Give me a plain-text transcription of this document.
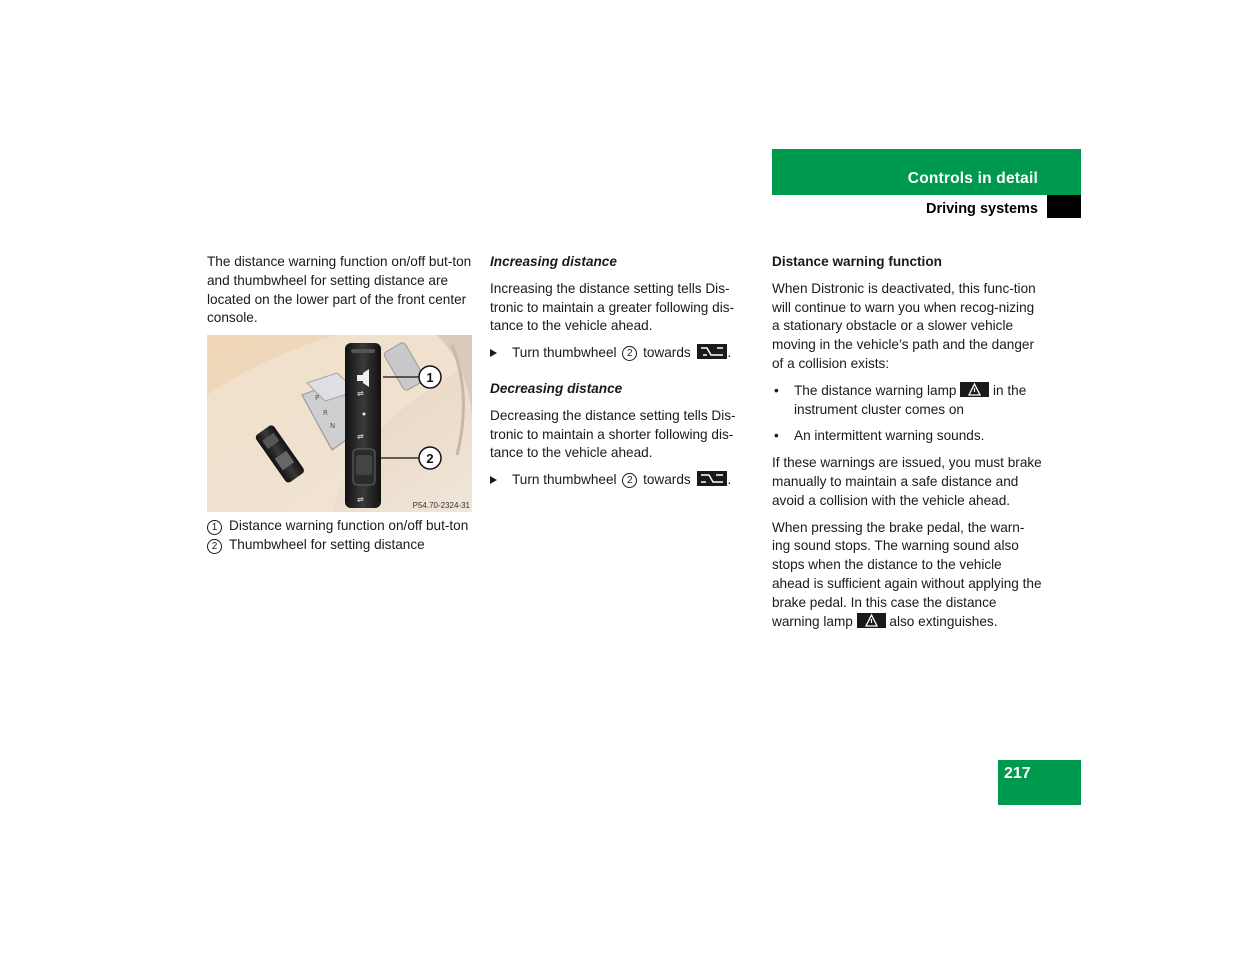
Controls in detail
Driving systems

The distance warning function on/off but-ton and thumbwheel for setting distance are located on the lower part of the front center console.

P
R
N
⇌
⇌
⇌
1
2
P54.70-2324-31
1 Distance warning function on/off but-ton
2 Thumbwheel for setting distance

Increasing distance

Increasing the distance setting tells Dis-tronic to maintain a greater following dis-tance to the vehicle ahead.

Turn thumbwheel 2 towards	.

Decreasing distance

Decreasing the distance setting tells Dis-tronic to maintain a shorter following dis-tance to the vehicle ahead.

Turn thumbwheel 2 towards	.

Distance warning function

When Distronic is deactivated, this func-tion will continue to warn you when recog-nizing a stationary obstacle or a slower vehicle moving in the vehicle’s path and the danger of a collision exists:

• The distance warning lamp	in the instrument cluster comes on
• An intermittent warning sounds.

If these warnings are issued, you must brake manually to maintain a safe distance and avoid a collision with the vehicle ahead.

When pressing the brake pedal, the warn-ing sound stops. The warning sound also stops when the distance to the vehicle ahead is sufficient again without applying the brake pedal. In this case the distance warning lamp	also extinguishes.

217
